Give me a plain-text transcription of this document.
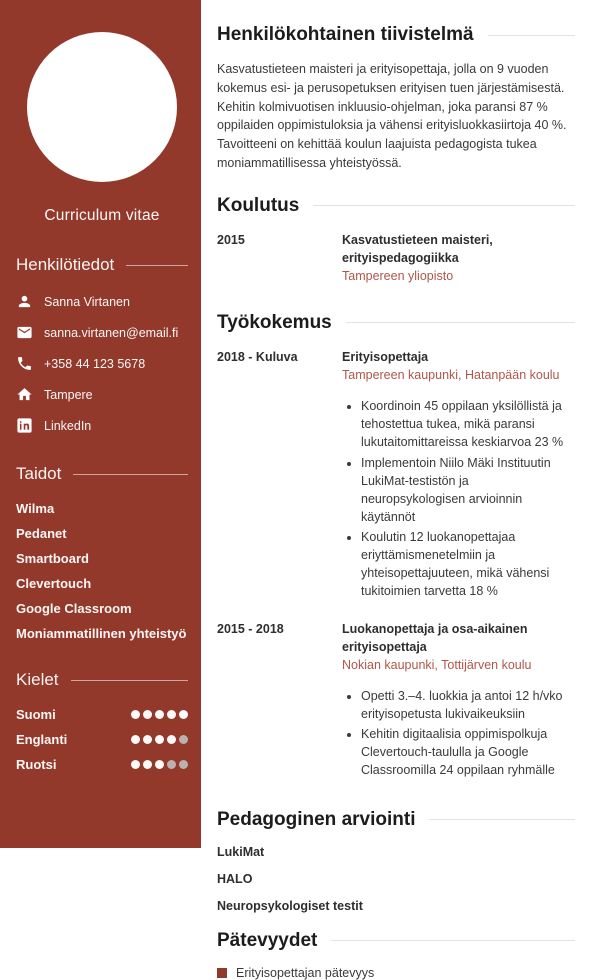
Curriculum vitae
Henkilötiedot
Sanna Virtanen
sanna.virtanen@email.fi
+358 44 123 5678
Tampere
LinkedIn
Taidot
Wilma
Pedanet
Smartboard
Clevertouch
Google Classroom
Moniammatillinen yhteistyö
Kielet
Suomi
Englanti
Ruotsi
Henkilökohtainen tiivistelmä

Kasvatustieteen maisteri ja erityisopettaja, jolla on 9 vuoden kokemus esi- ja perusopetuksen erityisen tuen järjestämisestä. Kehitin kolmivuotisen inkluusio-ohjelman, joka paransi 87 % oppilaiden oppimistuloksia ja vähensi erityisluokkasiirtoja 40 %. Tavoitteeni on kehittää koulun laajuista pedagogista tukea moniammatillisessa yhteistyössä.

Koulutus
2015	Kasvatustieteen maisteri, erityispedagogiikka
Tampereen yliopisto
Työkokemus
2018 - Kuluva	Erityisopettaja
Tampereen kaupunki, Hatanpään koulu
• Koordinoin 45 oppilaan yksilöllistä ja tehostettua tukea, mikä paransi lukutaitomittareissa keskiarvoa 23 %
• Implementoin Niilo Mäki Instituutin LukiMat-testistön ja neuropsykologisen arvioinnin käytännöt
• Koulutin 12 luokanopettajaa eriyttämismenetelmiin ja yhteisopettajuuteen, mikä vähensi tukitoimien tarvetta 18 %
2015 - 2018	Luokanopettaja ja osa-aikainen erityisopettaja
Nokian kaupunki, Tottijärven koulu
• Opetti 3.–4. luokkia ja antoi 12 h/vko erityisopetusta lukivaikeuksiin
• Kehitin digitaalisia oppimispolkuja Clevertouch-taululla ja Google Classroomilla 24 oppilaan ryhmälle
Pedagoginen arviointi
LukiMat
HALO
Neuropsykologiset testit
Pätevyydet
Erityisopettajan pätevyys
